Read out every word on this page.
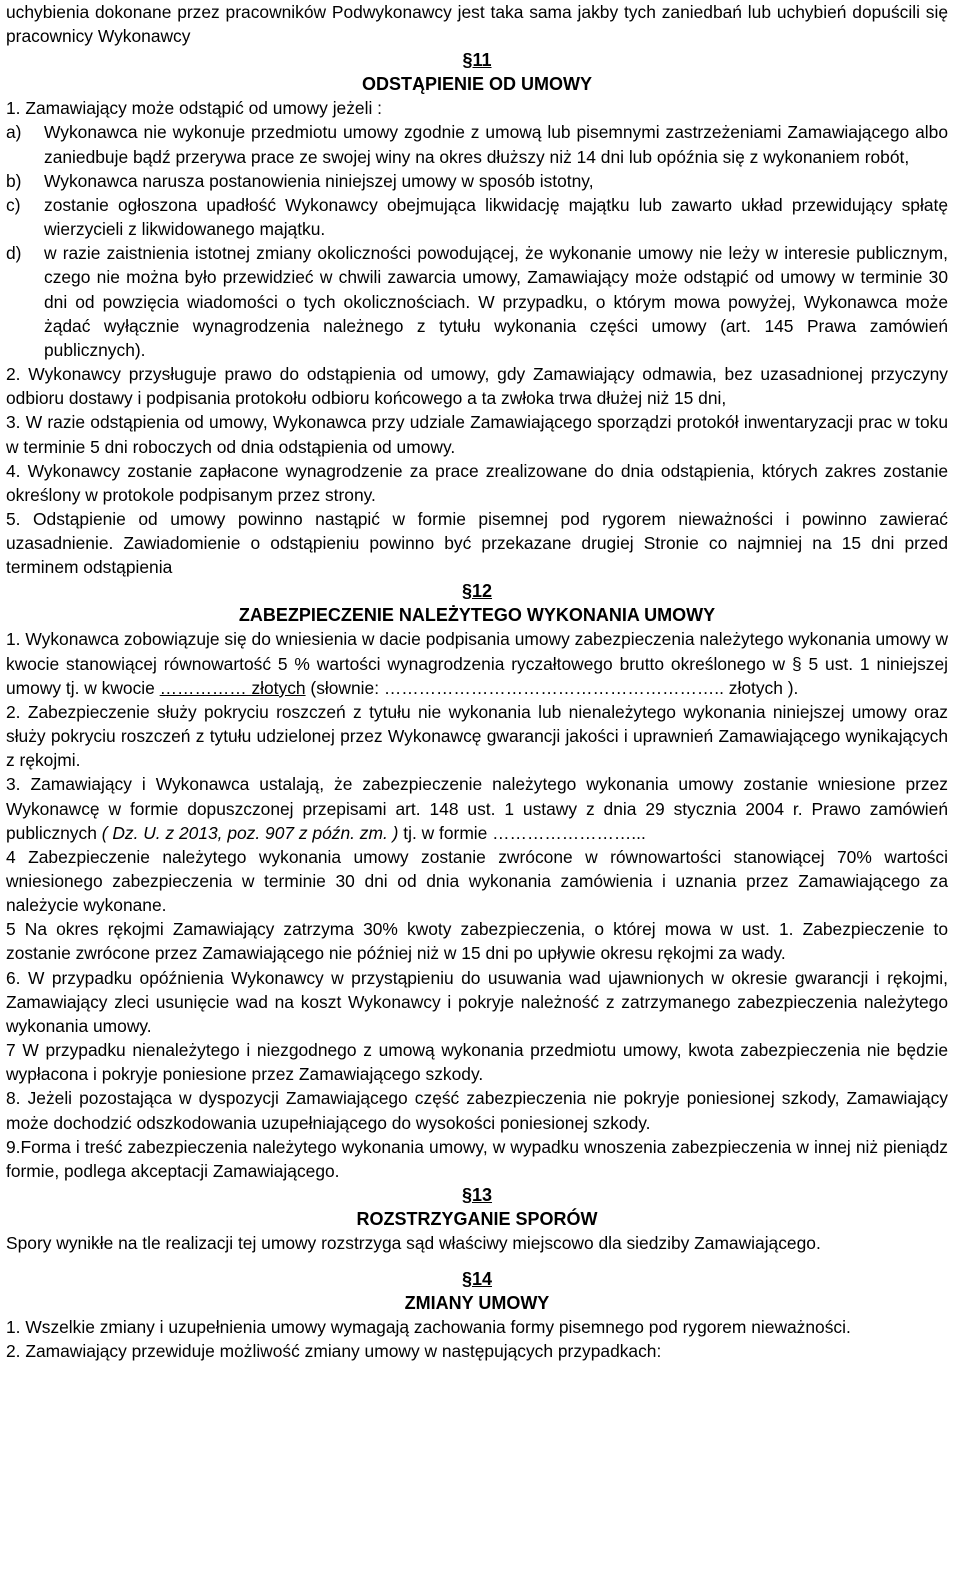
uchybienia dokonane przez pracowników Podwykonawcy jest taka sama jakby tych zaniedbań lub uchybień dopuścili się pracownicy Wykonawcy

§11
ODSTĄPIENIE OD UMOWY

1. Zamawiający może odstąpić od umowy jeżeli :

a)	Wykonawca nie wykonuje przedmiotu umowy zgodnie z umową lub pisemnymi zastrzeżeniami Zamawiającego albo zaniedbuje bądź przerywa prace ze swojej winy na okres dłuższy niż 14 dni lub opóźnia się z wykonaniem robót,
b)	Wykonawca narusza postanowienia niniejszej umowy w sposób istotny,
c)	zostanie ogłoszona upadłość Wykonawcy obejmująca likwidację majątku lub zawarto układ przewidujący spłatę wierzycieli z likwidowanego majątku.
d)	w razie zaistnienia istotnej zmiany okoliczności powodującej, że wykonanie umowy nie leży w interesie publicznym, czego nie można było przewidzieć w chwili zawarcia umowy, Zamawiający może odstąpić od umowy w terminie 30 dni od powzięcia wiadomości o tych okolicznościach. W przypadku, o którym mowa powyżej, Wykonawca może żądać wyłącznie wynagrodzenia należnego z tytułu wykonania części umowy (art. 145 Prawa zamówień publicznych).

2. Wykonawcy przysługuje prawo do odstąpienia od umowy, gdy Zamawiający odmawia, bez uzasadnionej przyczyny odbioru dostawy i podpisania protokołu odbioru końcowego a ta zwłoka trwa dłużej niż 15 dni,

3. W razie odstąpienia od umowy, Wykonawca przy udziale Zamawiającego sporządzi protokół inwentaryzacji prac w toku w terminie 5 dni roboczych od dnia odstąpienia od umowy.

4. Wykonawcy zostanie zapłacone wynagrodzenie za prace zrealizowane do dnia odstąpienia, których zakres zostanie określony w protokole podpisanym przez strony.

5. Odstąpienie od umowy powinno nastąpić w formie pisemnej pod rygorem nieważności i powinno zawierać uzasadnienie. Zawiadomienie o odstąpieniu powinno być przekazane drugiej Stronie co najmniej na 15 dni przed terminem odstąpienia

§12
ZABEZPIECZENIE NALEŻYTEGO WYKONANIA UMOWY

1. Wykonawca zobowiązuje się do wniesienia w dacie podpisania umowy zabezpieczenia należytego wykonania umowy w kwocie stanowiącej równowartość 5 % wartości wynagrodzenia ryczałtowego brutto określonego w § 5 ust. 1 niniejszej umowy tj. w kwocie …………… złotych (słownie: ………………………………………………….. złotych ).

2. Zabezpieczenie służy pokryciu roszczeń z tytułu nie wykonania lub nienależytego wykonania niniejszej umowy oraz służy pokryciu roszczeń z tytułu udzielonej przez Wykonawcę gwarancji jakości i uprawnień Zamawiającego wynikających z rękojmi.

3. Zamawiający i Wykonawca ustalają, że zabezpieczenie należytego wykonania umowy zostanie wniesione przez Wykonawcę w formie dopuszczonej przepisami art. 148 ust. 1 ustawy z dnia 29 stycznia 2004 r. Prawo zamówień publicznych ( Dz. U. z 2013, poz. 907 z późn. zm. ) tj. w formie ……………………...

4 Zabezpieczenie należytego wykonania umowy zostanie zwrócone w równowartości stanowiącej 70% wartości wniesionego zabezpieczenia w terminie 30 dni od dnia wykonania zamówienia i uznania przez Zamawiającego za należycie wykonane.

5 Na okres rękojmi Zamawiający zatrzyma 30% kwoty zabezpieczenia, o której mowa w ust. 1. Zabezpieczenie to zostanie zwrócone przez Zamawiającego nie później niż w 15 dni po upływie okresu rękojmi za wady.

6. W przypadku opóźnienia Wykonawcy w przystąpieniu do usuwania wad ujawnionych w okresie gwarancji i rękojmi, Zamawiający zleci usunięcie wad na koszt Wykonawcy i pokryje należność z zatrzymanego zabezpieczenia należytego wykonania umowy.

7 W przypadku nienależytego i niezgodnego z umową wykonania przedmiotu umowy, kwota zabezpieczenia nie będzie wypłacona i pokryje poniesione przez Zamawiającego szkody.

8. Jeżeli pozostająca w dyspozycji Zamawiającego część zabezpieczenia nie pokryje poniesionej szkody, Zamawiający może dochodzić odszkodowania uzupełniającego do wysokości poniesionej szkody.

9.Forma i treść zabezpieczenia należytego wykonania umowy, w wypadku wnoszenia zabezpieczenia w innej niż pieniądz formie, podlega akceptacji Zamawiającego.

§13
ROZSTRZYGANIE SPORÓW

Spory wynikłe na tle realizacji tej umowy rozstrzyga sąd właściwy miejscowo dla siedziby Zamawiającego.

§14
ZMIANY UMOWY

1. Wszelkie zmiany i uzupełnienia umowy wymagają zachowania formy pisemnego pod rygorem nieważności.

2. Zamawiający przewiduje możliwość zmiany umowy w następujących przypadkach:
